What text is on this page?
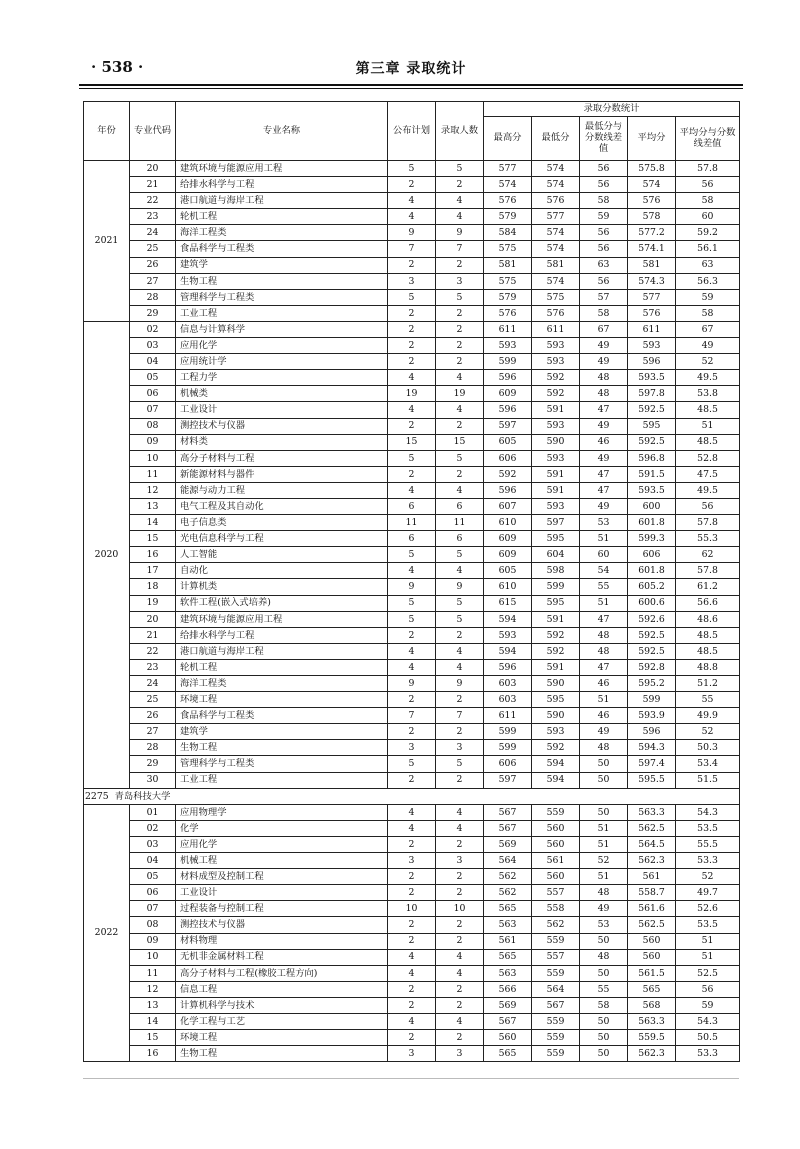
· 538 ·	第三章 录取统计
年份	专业代码	专业名称	公布计划	录取人数	录取分数统计				
					最高分	最低分	最低分与分数线差值	平均分	平均分与分数线差值
2021	20	建筑环境与能源应用工程	5	5	577	574	56	575.8	57.8
	21	给排水科学与工程	2	2	574	574	56	574	56
	22	港口航道与海岸工程	4	4	576	576	58	576	58
	23	轮机工程	4	4	579	577	59	578	60
	24	海洋工程类	9	9	584	574	56	577.2	59.2
	25	食品科学与工程类	7	7	575	574	56	574.1	56.1
	26	建筑学	2	2	581	581	63	581	63
	27	生物工程	3	3	575	574	56	574.3	56.3
	28	管理科学与工程类	5	5	579	575	57	577	59
	29	工业工程	2	2	576	576	58	576	58
2020	02	信息与计算科学	2	2	611	611	67	611	67
	03	应用化学	2	2	593	593	49	593	49
	04	应用统计学	2	2	599	593	49	596	52
	05	工程力学	4	4	596	592	48	593.5	49.5
	06	机械类	19	19	609	592	48	597.8	53.8
	07	工业设计	4	4	596	591	47	592.5	48.5
	08	测控技术与仪器	2	2	597	593	49	595	51
	09	材料类	15	15	605	590	46	592.5	48.5
	10	高分子材料与工程	5	5	606	593	49	596.8	52.8
	11	新能源材料与器件	2	2	592	591	47	591.5	47.5
	12	能源与动力工程	4	4	596	591	47	593.5	49.5
	13	电气工程及其自动化	6	6	607	593	49	600	56
	14	电子信息类	11	11	610	597	53	601.8	57.8
	15	光电信息科学与工程	6	6	609	595	51	599.3	55.3
	16	人工智能	5	5	609	604	60	606	62
	17	自动化	4	4	605	598	54	601.8	57.8
	18	计算机类	9	9	610	599	55	605.2	61.2
	19	软件工程(嵌入式培养)	5	5	615	595	51	600.6	56.6
	20	建筑环境与能源应用工程	5	5	594	591	47	592.6	48.6
	21	给排水科学与工程	2	2	593	592	48	592.5	48.5
	22	港口航道与海岸工程	4	4	594	592	48	592.5	48.5
	23	轮机工程	4	4	596	591	47	592.8	48.8
	24	海洋工程类	9	9	603	590	46	595.2	51.2
	25	环境工程	2	2	603	595	51	599	55
	26	食品科学与工程类	7	7	611	590	46	593.9	49.9
	27	建筑学	2	2	599	593	49	596	52
	28	生物工程	3	3	599	592	48	594.3	50.3
	29	管理科学与工程类	5	5	606	594	50	597.4	53.4
	30	工业工程	2	2	597	594	50	595.5	51.5
2275 青岛科技大学									
2022	01	应用物理学	4	4	567	559	50	563.3	54.3
	02	化学	4	4	567	560	51	562.5	53.5
	03	应用化学	2	2	569	560	51	564.5	55.5
	04	机械工程	3	3	564	561	52	562.3	53.3
	05	材料成型及控制工程	2	2	562	560	51	561	52
	06	工业设计	2	2	562	557	48	558.7	49.7
	07	过程装备与控制工程	10	10	565	558	49	561.6	52.6
	08	测控技术与仪器	2	2	563	562	53	562.5	53.5
	09	材料物理	2	2	561	559	50	560	51
	10	无机非金属材料工程	4	4	565	557	48	560	51
	11	高分子材料与工程(橡胶工程方向)	4	4	563	559	50	561.5	52.5
	12	信息工程	2	2	566	564	55	565	56
	13	计算机科学与技术	2	2	569	567	58	568	59
	14	化学工程与工艺	4	4	567	559	50	563.3	54.3
	15	环境工程	2	2	560	559	50	559.5	50.5
	16	生物工程	3	3	565	559	50	562.3	53.3
